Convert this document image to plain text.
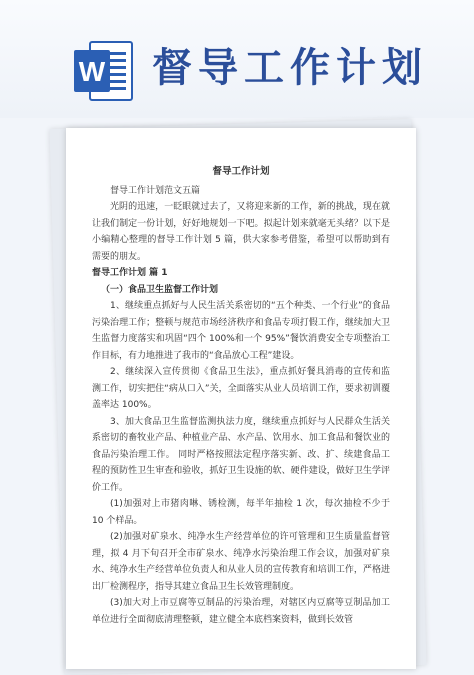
W 督导工作计划

督导工作计划

督导工作计划范文五篇

光阴的迅速，一眨眼就过去了，又将迎来新的工作，新的挑战，现在就让我们制定一份计划，好好地规划一下吧。拟起计划来就毫无头绪？以下是小编精心整理的督导工作计划 5 篇，供大家参考借鉴，希望可以帮助到有需要的朋友。

督导工作计划 篇 1

（一）食品卫生监督工作计划

1、继续重点抓好与人民生活关系密切的“五个种类、一个行业”的食品污染治理工作；整顿与规范市场经济秩序和食品专项打假工作，继续加大卫生监督力度落实和巩固“四个 100%和一个 95%”餐饮消费安全专项整治工作目标，有力地推进了我市的“食品放心工程”建设。

2、继续深入宣传贯彻《食品卫生法》，重点抓好餐具消毒的宣传和监测工作，切实把住“病从口入”关，全面落实从业人员培训工作，要求初训覆盖率达 100%。

3、加大食品卫生监督监测执法力度，继续重点抓好与人民群众生活关系密切的畜牧业产品、种植业产品、水产品、饮用水、加工食品和餐饮业的食品污染治理工作。 同时严格按照法定程序落实新、改、扩、续建食品工程的预防性卫生审查和验收，抓好卫生设施的软、硬件建设，做好卫生学评价工作。

(1)加强对上市猪肉啉、锈检测，每半年抽检 1 次，每次抽检不少于 10 个样品。

(2)加强对矿泉水、纯净水生产经营单位的许可管理和卫生质量监督管理，拟 4 月下旬召开全市矿泉水、纯净水污染治理工作会议，加强对矿泉水、纯净水生产经营单位负责人和从业人员的宣传教育和培训工作，严格进出厂检测程序，指导其建立食品卫生长效管理制度。

(3)加大对上市豆腐等豆制品的污染治理，对辖区内豆腐等豆制品加工单位进行全面彻底清理整顿，建立健全本底档案资料，做到长效管
